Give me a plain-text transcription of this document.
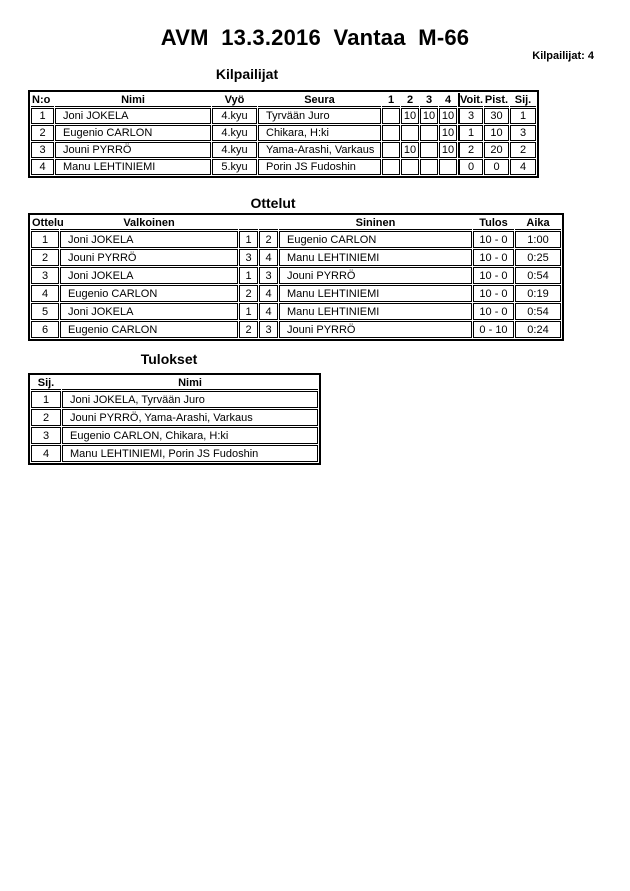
AVM  13.3.2016  Vantaa  M-66
Kilpailijat: 4
Kilpailijat
N:o	Nimi	Vyö	Seura	1	2	3	4	Voit.	Pist.	Sij.
1	Joni JOKELA	4.kyu	Tyrvään Juro		10	10	10	3	30	1
2	Eugenio CARLON	4.kyu	Chikara, H:ki				10	1	10	3
3	Jouni PYRRÖ	4.kyu	Yama-Arashi, Varkaus		10		10	2	20	2
4	Manu LEHTINIEMI	5.kyu	Porin JS Fudoshin					0	0	4
Ottelut
Ottelu	Valkoinen			Sininen	Tulos	Aika
1	Joni JOKELA	1	2	Eugenio CARLON	10 - 0	1:00
2	Jouni PYRRÖ	3	4	Manu LEHTINIEMI	10 - 0	0:25
3	Joni JOKELA	1	3	Jouni PYRRÖ	10 - 0	0:54
4	Eugenio CARLON	2	4	Manu LEHTINIEMI	10 - 0	0:19
5	Joni JOKELA	1	4	Manu LEHTINIEMI	10 - 0	0:54
6	Eugenio CARLON	2	3	Jouni PYRRÖ	0 - 10	0:24
Tulokset
Sij.	Nimi
1	Joni JOKELA, Tyrvään Juro
2	Jouni PYRRÖ, Yama-Arashi, Varkaus
3	Eugenio CARLON, Chikara, H:ki
4	Manu LEHTINIEMI, Porin JS Fudoshin
